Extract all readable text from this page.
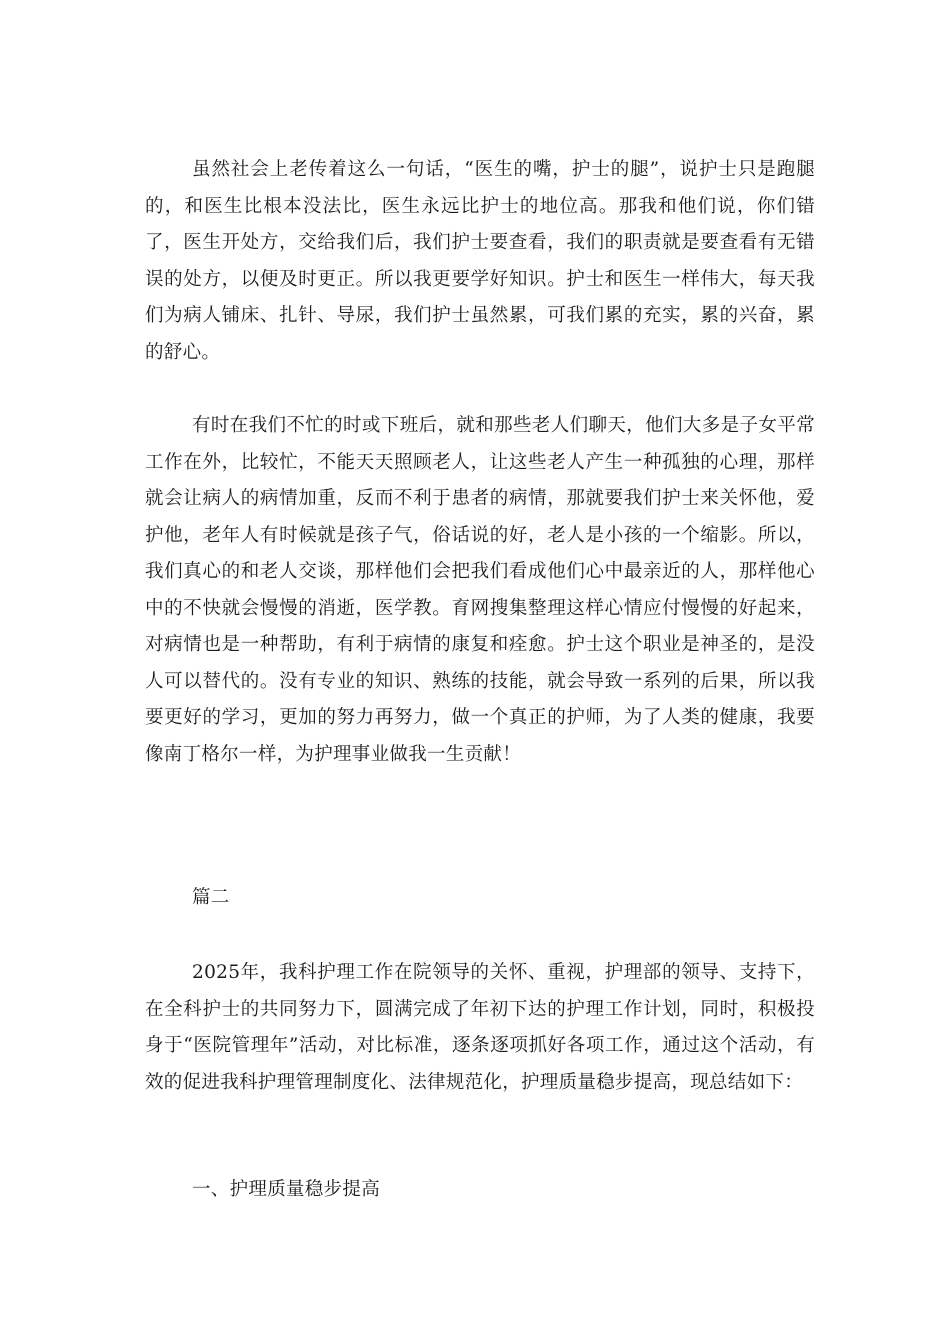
虽然社会上老传着这么一句话，“医生的嘴，护士的腿”，说护士只是跑腿的，和医生比根本没法比，医生永远比护士的地位高。那我和他们说，你们错了，医生开处方，交给我们后，我们护士要查看，我们的职责就是要查看有无错误的处方，以便及时更正。所以我更要学好知识。护士和医生一样伟大，每天我们为病人铺床、扎针、导尿，我们护士虽然累，可我们累的充实，累的兴奋，累的舒心。

有时在我们不忙的时或下班后，就和那些老人们聊天，他们大多是子女平常工作在外，比较忙，不能天天照顾老人，让这些老人产生一种孤独的心理，那样就会让病人的病情加重，反而不利于患者的病情，那就要我们护士来关怀他，爱护他，老年人有时候就是孩子气，俗话说的好，老人是小孩的一个缩影。所以，我们真心的和老人交谈，那样他们会把我们看成他们心中最亲近的人，那样他心中的不快就会慢慢的消逝，医学教。育网搜集整理这样心情应付慢慢的好起来，对病情也是一种帮助，有利于病情的康复和痊愈。护士这个职业是神圣的，是没人可以替代的。没有专业的知识、熟练的技能，就会导致一系列的后果，所以我要更好的学习，更加的努力再努力，做一个真正的护师，为了人类的健康，我要像南丁格尔一样，为护理事业做我一生贡献！

篇二

2025年，我科护理工作在院领导的关怀、重视，护理部的领导、支持下，在全科护士的共同努力下，圆满完成了年初下达的护理工作计划，同时，积极投身于“医院管理年”活动，对比标准，逐条逐项抓好各项工作，通过这个活动，有效的促进我科护理管理制度化、法律规范化，护理质量稳步提高，现总结如下：

一、护理质量稳步提高
